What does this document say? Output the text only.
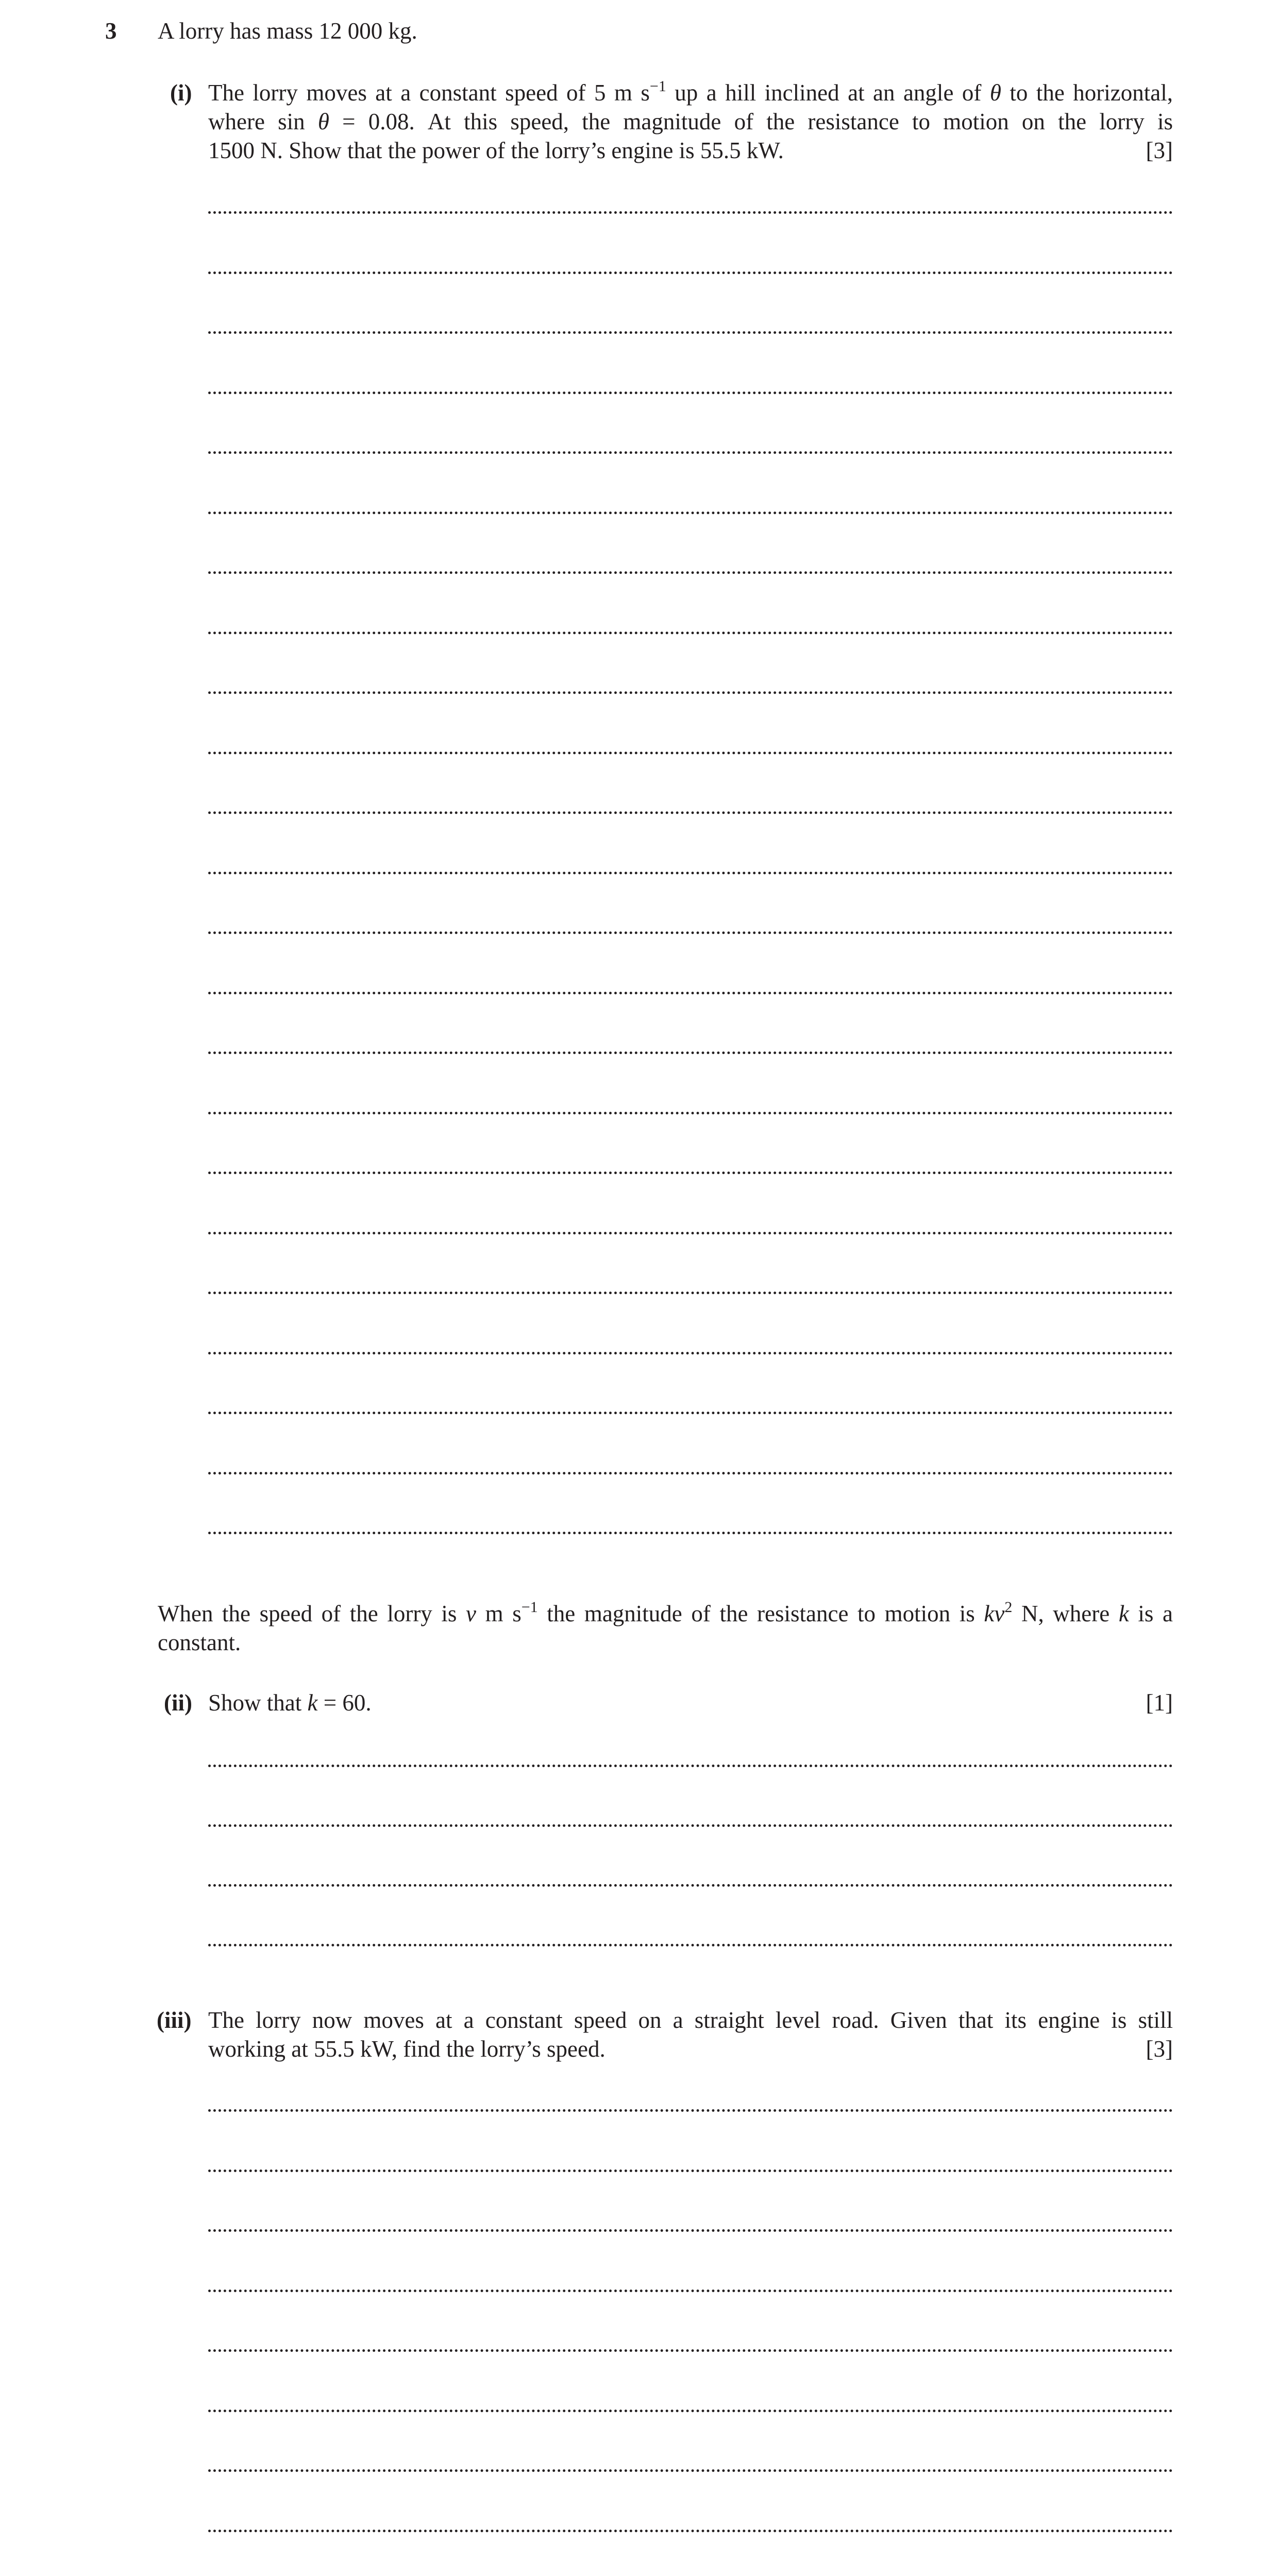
3 A lorry has mass 12 000 kg.
(i) The lorry moves at a constant speed of 5 m $s^{-1}$ up a hill inclined at an angle of θ to the horizontal,
where sin θ = 0.08. At this speed, the magnitude of the resistance to motion on the lorry is
1500 N. Show that the power of the lorry’s engine is 55.5 kW.	[3]
When the speed of the lorry is v m $s^{-1}$ the magnitude of the resistance to motion is $kv^2$ N, where k is a
constant.
(ii) Show that k = 60.	[1]
(iii) The lorry now moves at a constant speed on a straight level road. Given that its engine is still
working at 55.5 kW, find the lorry’s speed.	[3]
